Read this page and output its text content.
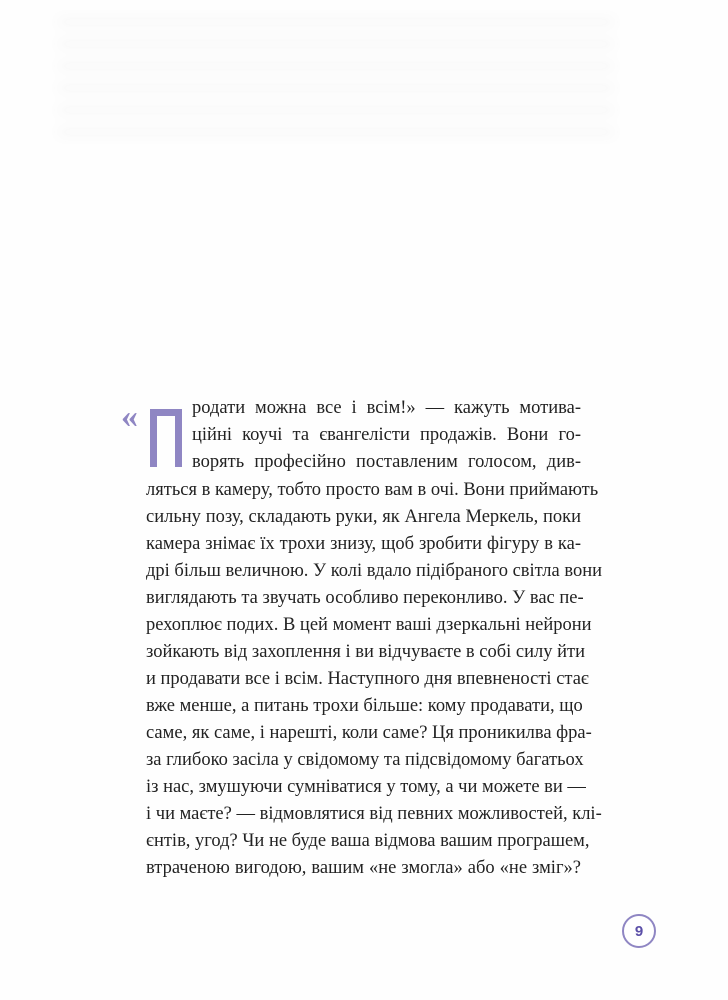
«
П
родати можна все і всім!» — кажуть мотива-
ційні коучі та євангелісти продажів. Вони го-
ворять професійно поставленим голосом, див-
ляться в камеру, тобто просто вам в очі. Вони приймають
сильну позу, складають руки, як Ангела Меркель, поки
камера знімає їх трохи знизу, щоб зробити фігуру в ка-
дрі більш величною. У колі вдало підібраного світла вони
виглядають та звучать особливо переконливо. У вас пе-
рехоплює подих. В цей момент ваші дзеркальні нейрони
зойкають від захоплення і ви відчуваєте в собі силу йти
и продавати все і всім. Наступного дня впевненості стає
вже менше, а питань трохи більше: кому продавати, що
саме, як саме, і нарешті, коли саме? Ця проникилва фра-
за глибоко засіла у свідомому та підсвідомому багатьох
із нас, змушуючи сумніватися у тому, а чи можете ви —
і чи маєте? — відмовлятися від певних можливостей, клі-
єнтів, угод? Чи не буде ваша відмова вашим програшем,
втраченою вигодою, вашим «не змогла» або «не зміг»?
9
